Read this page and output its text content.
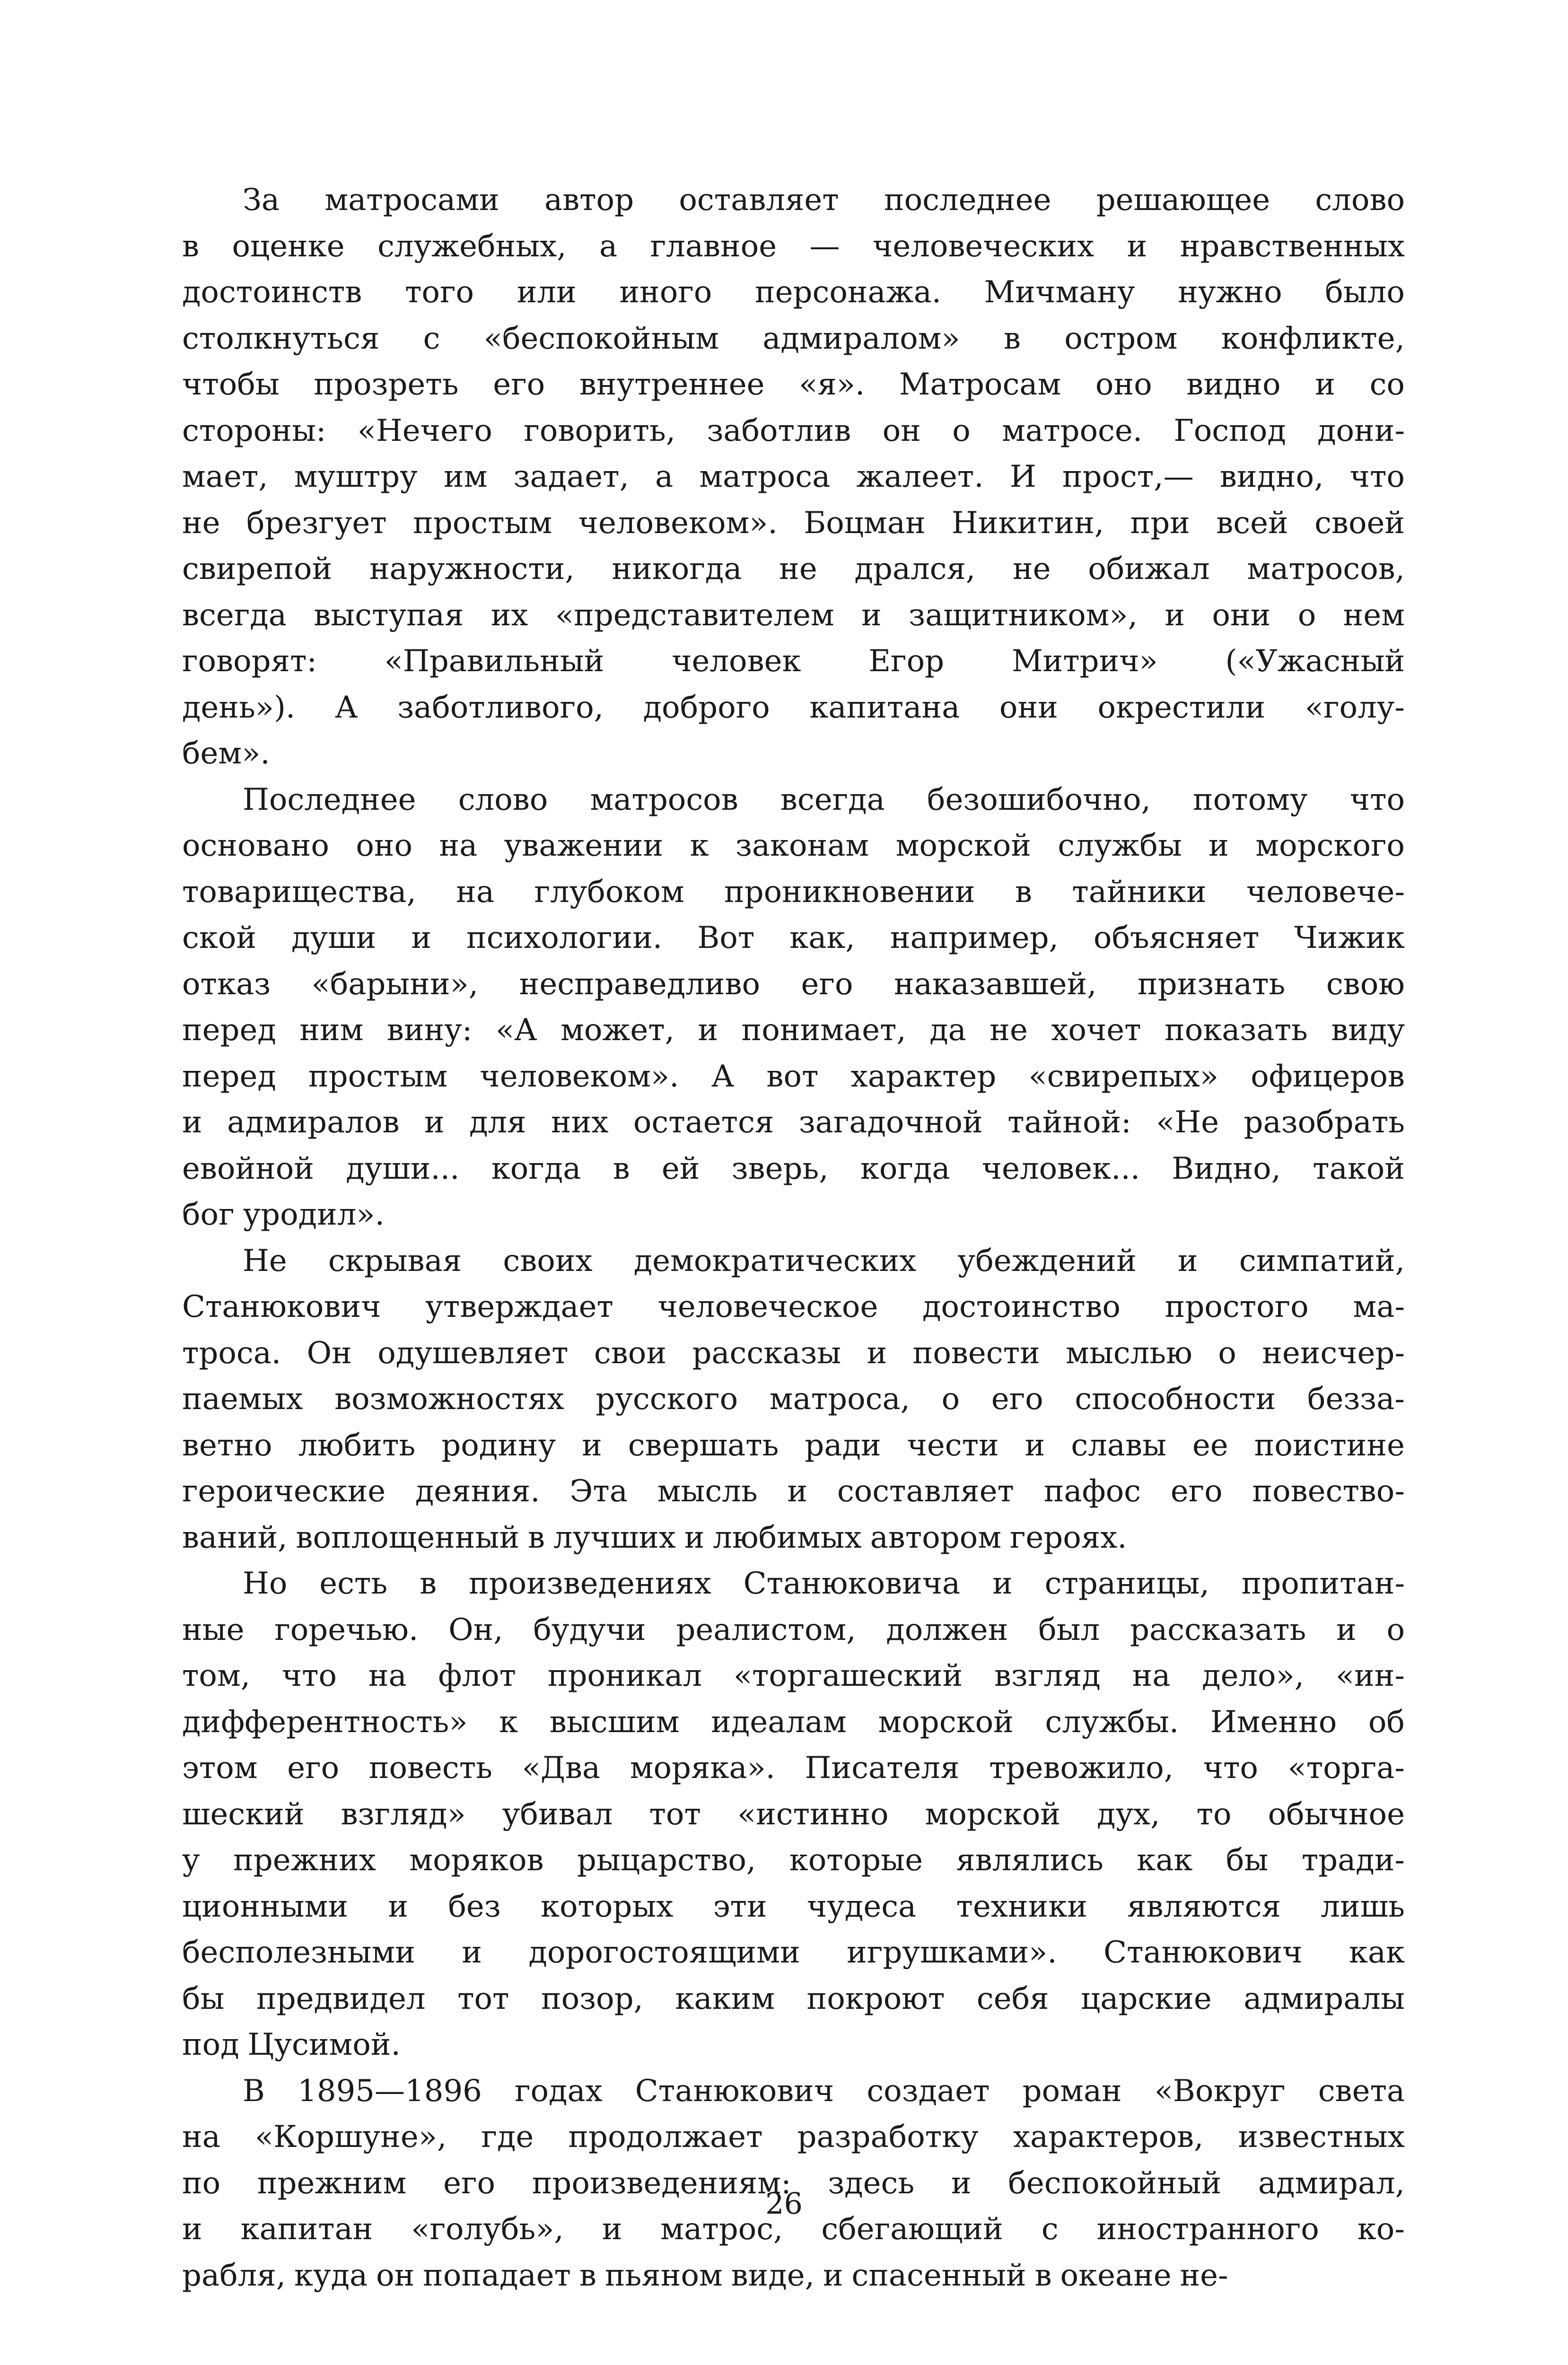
За матросами автор оставляет последнее решающее слово
в оценке служебных, а главное — человеческих и нравственных
достоинств того или иного персонажа. Мичману нужно было
столкнуться с «беспокойным адмиралом» в остром конфликте,
чтобы прозреть его внутреннее «я». Матросам оно видно и со
стороны: «Нечего говорить, заботлив он о матросе. Господ дони-
мает, муштру им задает, а матроса жалеет. И прост,— видно, что
не брезгует простым человеком». Боцман Никитин, при всей своей
свирепой наружности, никогда не дрался, не обижал матросов,
всегда выступая их «представителем и защитником», и они о нем
говорят: «Правильный человек Егор Митрич» («Ужасный
день»). А заботливого, доброго капитана они окрестили «голу-
бем».
Последнее слово матросов всегда безошибочно, потому что
основано оно на уважении к законам морской службы и морского
товарищества, на глубоком проникновении в тайники человече-
ской души и психологии. Вот как, например, объясняет Чижик
отказ «барыни», несправедливо его наказавшей, признать свою
перед ним вину: «А может, и понимает, да не хочет показать виду
перед простым человеком». А вот характер «свирепых» офицеров
и адмиралов и для них остается загадочной тайной: «Не разобрать
евойной души... когда в ей зверь, когда человек... Видно, такой
бог уродил».
Не скрывая своих демократических убеждений и симпатий,
Станюкович утверждает человеческое достоинство простого ма-
троса. Он одушевляет свои рассказы и повести мыслью о неисчер-
паемых возможностях русского матроса, о его способности безза-
ветно любить родину и свершать ради чести и славы ее поистине
героические деяния. Эта мысль и составляет пафос его повество-
ваний, воплощенный в лучших и любимых автором героях.
Но есть в произведениях Станюковича и страницы, пропитан-
ные горечью. Он, будучи реалистом, должен был рассказать и о
том, что на флот проникал «торгашеский взгляд на дело», «ин-
дифферентность» к высшим идеалам морской службы. Именно об
этом его повесть «Два моряка». Писателя тревожило, что «торга-
шеский взгляд» убивал тот «истинно морской дух, то обычное
у прежних моряков рыцарство, которые являлись как бы тради-
ционными и без которых эти чудеса техники являются лишь
бесполезными и дорогостоящими игрушками». Станюкович как
бы предвидел тот позор, каким покроют себя царские адмиралы
под Цусимой.
В 1895—1896 годах Станюкович создает роман «Вокруг света
на «Коршуне», где продолжает разработку характеров, известных
по прежним его произведениям: здесь и беспокойный адмирал,
и капитан «голубь», и матрос, сбегающий с иностранного ко-
рабля, куда он попадает в пьяном виде, и спасенный в океане не-
26
